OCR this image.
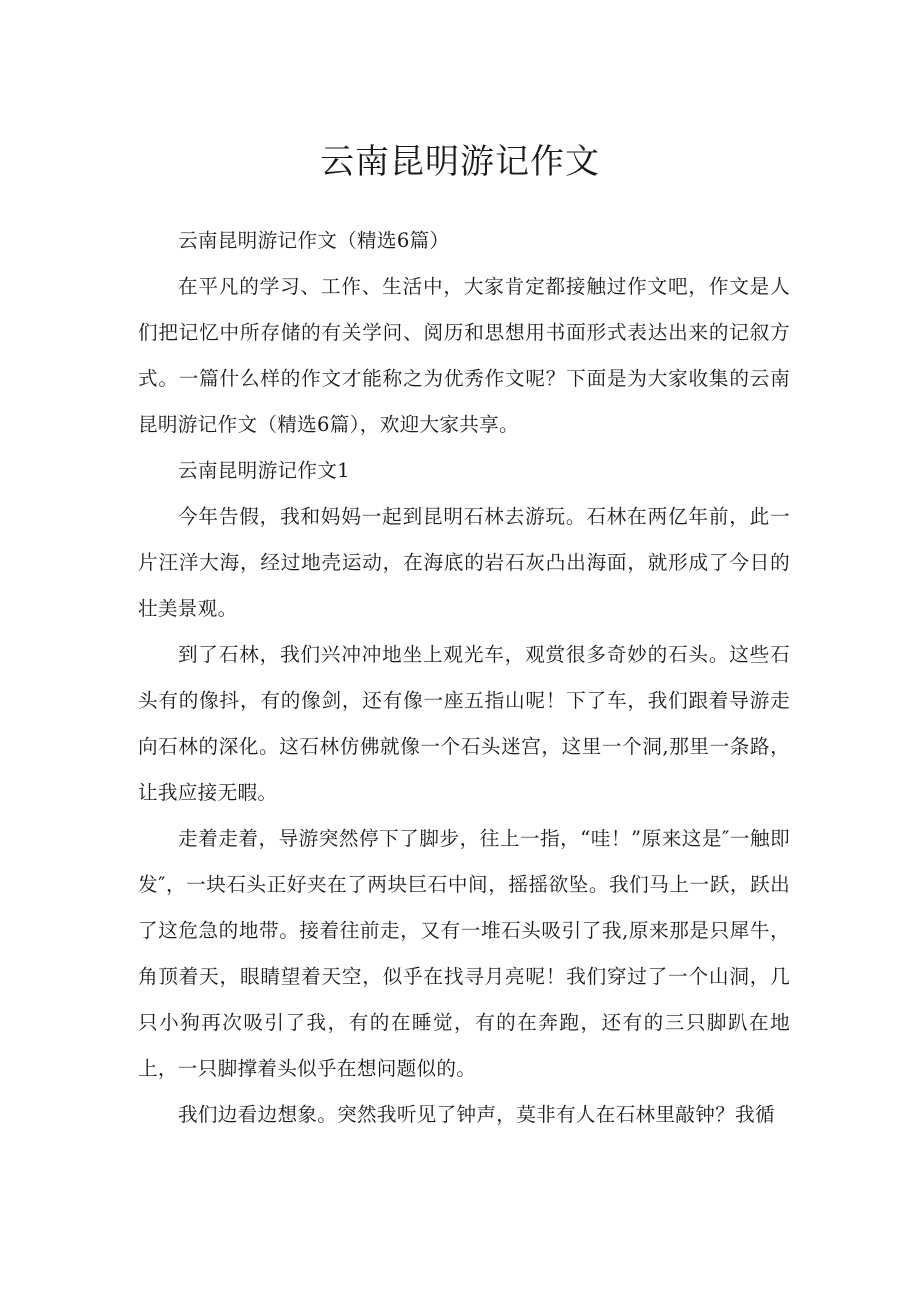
云南昆明游记作文

云南昆明游记作文（精选6篇）

在平凡的学习、工作、生活中，大家肯定都接触过作文吧，作文是人们把记忆中所存储的有关学问、阅历和思想用书面形式表达出来的记叙方式。一篇什么样的作文才能称之为优秀作文呢？下面是为大家收集的云南昆明游记作文（精选6篇），欢迎大家共享。

云南昆明游记作文1

今年告假，我和妈妈一起到昆明石林去游玩。石林在两亿年前，此一片汪洋大海，经过地壳运动，在海底的岩石灰凸出海面，就形成了今日的壮美景观。

到了石林，我们兴冲冲地坐上观光车，观赏很多奇妙的石头。这些石头有的像抖，有的像剑，还有像一座五指山呢！下了车，我们跟着导游走向石林的深化。这石林仿佛就像一个石头迷宫，这里一个洞,那里一条路，让我应接无暇。

走着走着，导游突然停下了脚步，往上一指，“哇！”原来这是″一触即发″，一块石头正好夹在了两块巨石中间，摇摇欲坠。我们马上一跃，跃出了这危急的地带。接着往前走，又有一堆石头吸引了我,原来那是只犀牛，角顶着天，眼睛望着天空，似乎在找寻月亮呢！我们穿过了一个山洞，几只小狗再次吸引了我，有的在睡觉，有的在奔跑，还有的三只脚趴在地上，一只脚撑着头似乎在想问题似的。

我们边看边想象。突然我听见了钟声，莫非有人在石林里敲钟？我循
